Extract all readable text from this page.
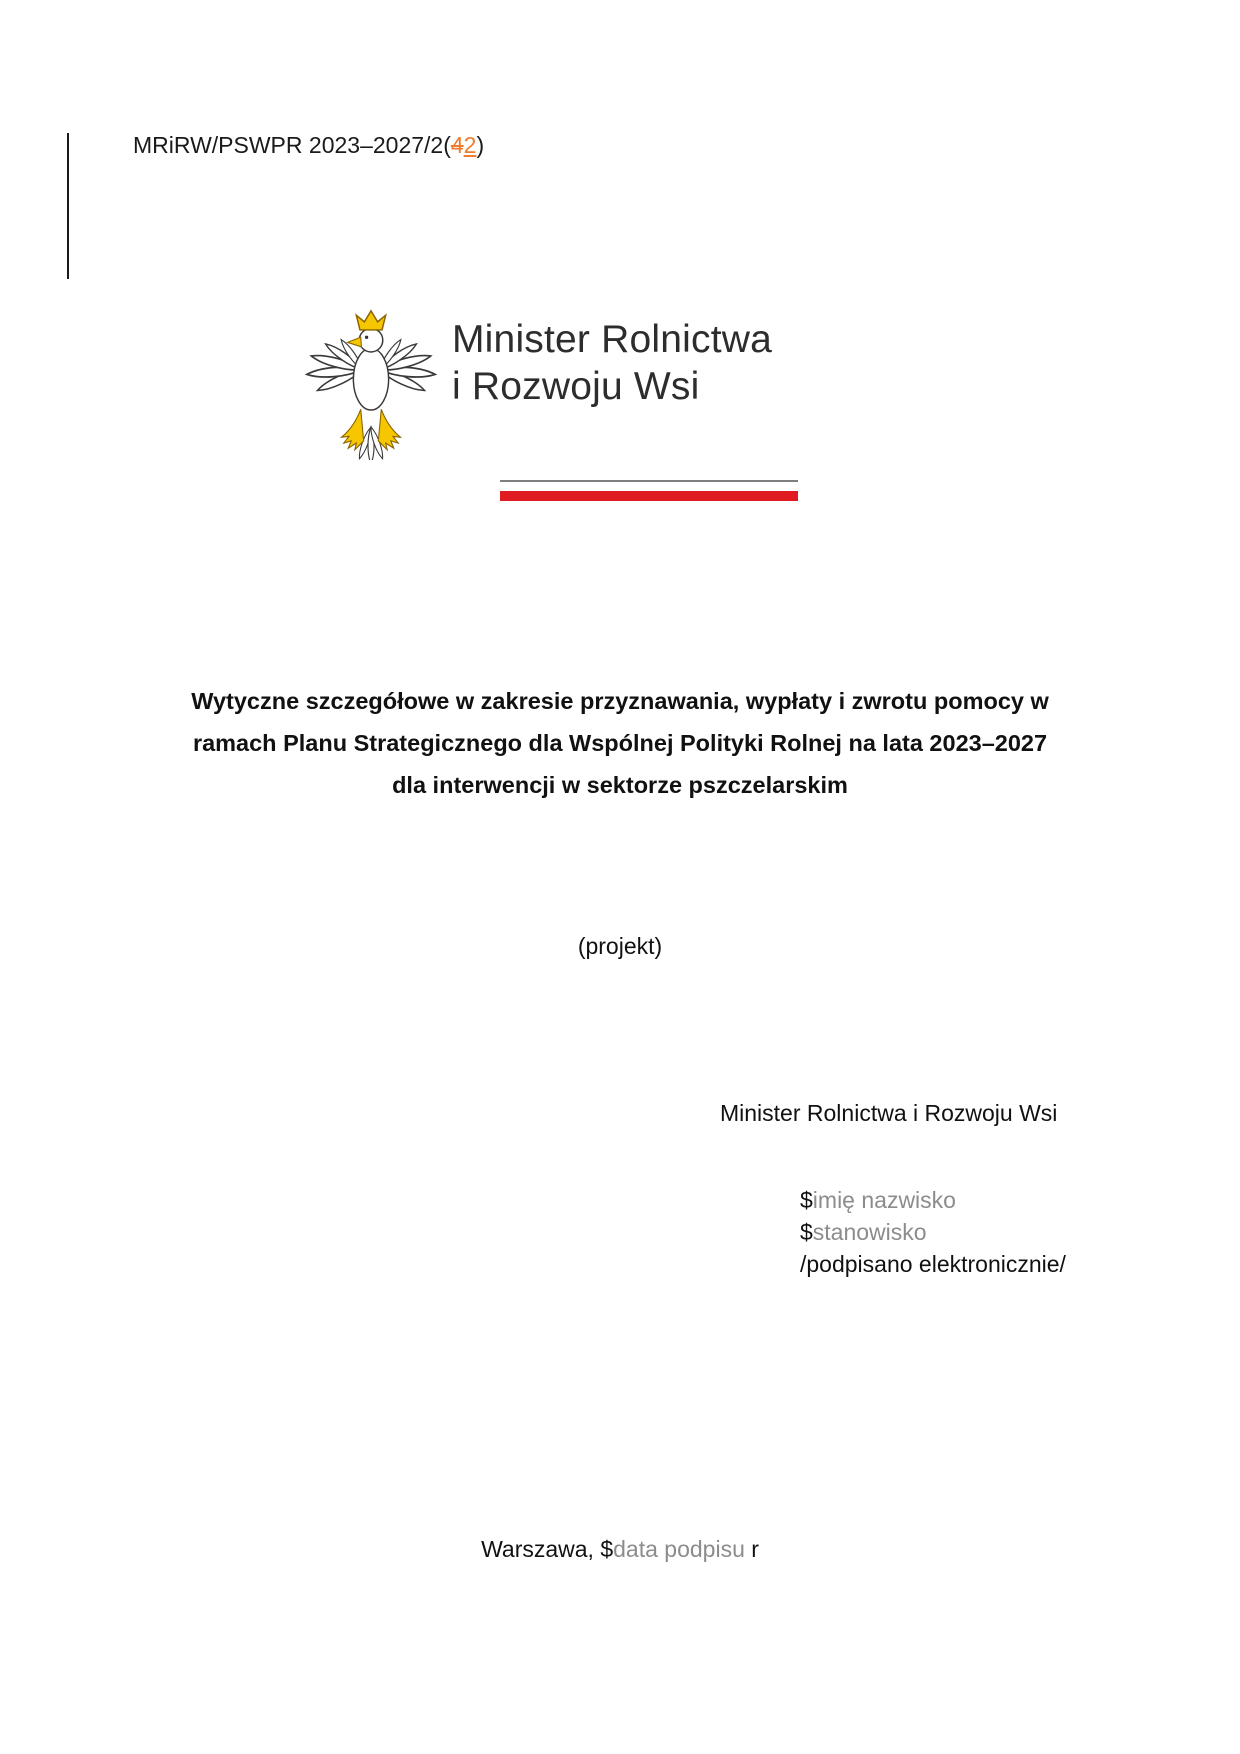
MRiRW/PSWPR 2023–2027/2(42)
Minister Rolnictwa
i Rozwoju Wsi
Wytyczne szczegółowe w zakresie przyznawania, wypłaty i zwrotu pomocy w
ramach Planu Strategicznego dla Wspólnej Polityki Rolnej na lata 2023–2027
dla interwencji w sektorze pszczelarskim
(projekt)
Minister Rolnictwa i Rozwoju Wsi
$imię nazwisko
$stanowisko
/podpisano elektronicznie/
Warszawa, $data podpisu r
